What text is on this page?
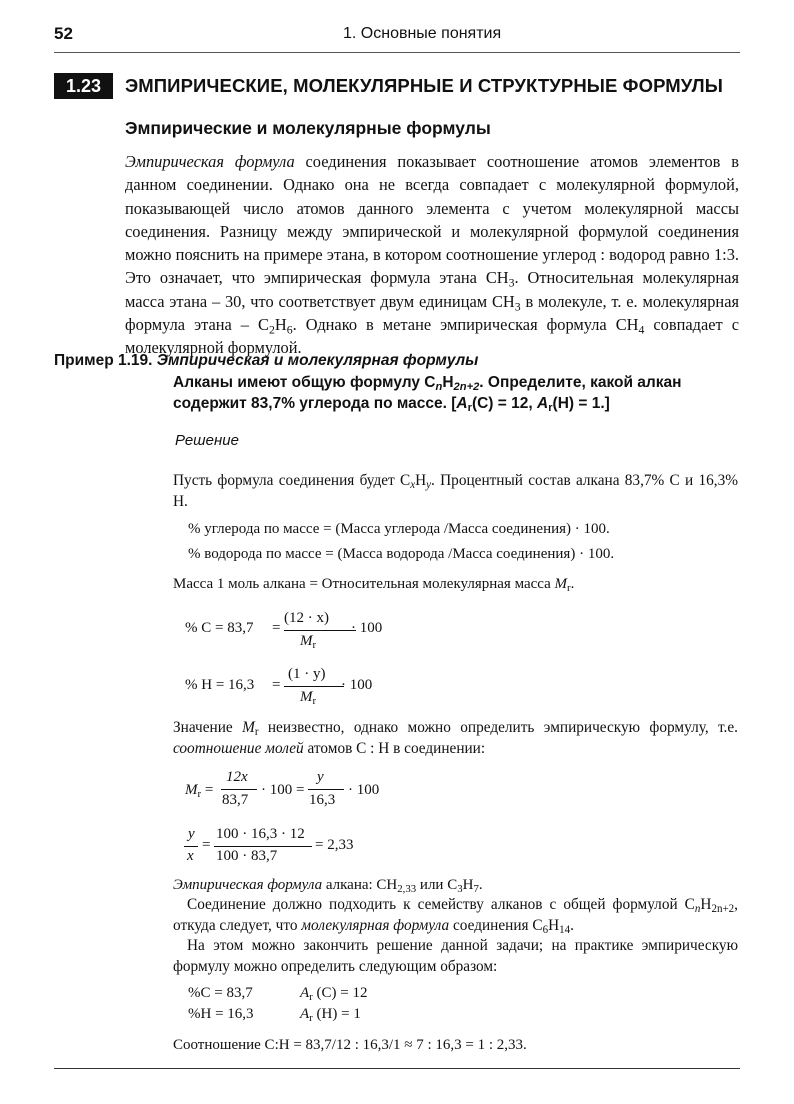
52	1. Основные понятия
1.23	ЭМПИРИЧЕСКИЕ, МОЛЕКУЛЯРНЫЕ И СТРУКТУРНЫЕ ФОРМУЛЫ
Эмпирические и молекулярные формулы
Эмпирическая формула соединения показывает соотношение атомов элементов в данном соединении. Однако она не всегда совпадает с молекулярной формулой, показывающей число атомов данного элемента с учетом молекулярной массы соединения. Разницу между эмпирической и молекулярной формулой соединения можно пояснить на примере этана, в котором соотношение углерод : водород равно 1:3. Это означает, что эмпирическая формула этана $СН_3$. Относительная молекулярная масса этана – 30, что соответствует двум единицам $СН_3$ в молекуле, т. е. молекулярная формула этана – $С_2Н_6$. Однако в метане эмпирическая формула $СН_4$ совпадает с молекулярной формулой.
Пример 1.19. Эмпирическая и молекулярная формулы
Алканы имеют общую формулу $C_nH_{2n+2}$. Определите, какой алкан
содержит 83,7% углерода по массе. [$A_r(C) = 12$, $A_r(H) = 1$.]
Решение
Пусть формула соединения будет $C_xH_y$. Процентный состав алкана 83,7% C и 16,3% H.
% углерода по массе = (Масса углерода /Масса соединения) · 100.
% водорода по массе = (Масса водорода /Масса соединения) · 100.
Масса 1 моль алкана = Относительная молекулярная масса $M_r$.
% C = 83,7 =
(12 · x)
$M_r$
· 100
% H = 16,3 =
(1 · y)
$M_r$
· 100
Значение $M_r$ неизвестно, однако можно определить эмпирическую формулу, т.е. соотношение молей атомов C : H в соединении:
$M_r$ =
12x
83,7
· 100 =
y
16,3
· 100
y
x
=
100 · 16,3 · 12
100 · 83,7
= 2,33
Эмпирическая формула алкана: $CH_{2,33}$ или $C_3H_7$.
Соединение должно подходить к семейству алканов с общей формулой $C_nH_{2n+2}$, откуда следует, что молекулярная формула соединения $C_6H_{14}$.
На этом можно закончить решение данной задачи; на практике эмпирическую формулу можно определить следующим образом:
%C = 83,7
%H = 16,3
$A_r$ (C) = 12
$A_r$ (H) = 1
Соотношение C:H = 83,7/12 : 16,3/1 ≈ 7 : 16,3 = 1 : 2,33.
